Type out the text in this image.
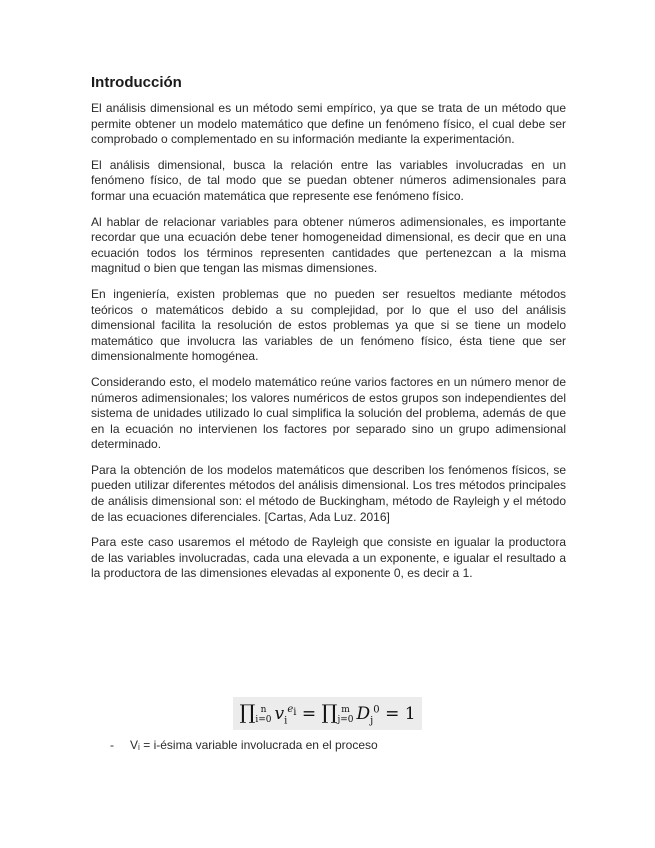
Introducción

El análisis dimensional es un método semi empírico, ya que se trata de un método que permite obtener un modelo matemático que define un fenómeno físico, el cual debe ser comprobado o complementado en su información mediante la experimentación.

El análisis dimensional, busca la relación entre las variables involucradas en un fenómeno físico, de tal modo que se puedan obtener números adimensionales para formar una ecuación matemática que represente ese fenómeno físico.

Al hablar de relacionar variables para obtener números adimensionales, es importante recordar que una ecuación debe tener homogeneidad dimensional, es decir que en una ecuación todos los términos representen cantidades que pertenezcan a la misma magnitud o bien que tengan las mismas dimensiones.

En ingeniería, existen problemas que no pueden ser resueltos mediante métodos teóricos o matemáticos debido a su complejidad, por lo que el uso del análisis dimensional facilita la resolución de estos problemas ya que si se tiene un modelo matemático que involucra las variables de un fenómeno físico, ésta tiene que ser dimensionalmente homogénea.

Considerando esto, el modelo matemático reúne varios factores en un número menor de números adimensionales; los valores numéricos de estos grupos son independientes del sistema de unidades utilizado lo cual simplifica la solución del problema, además de que en la ecuación no intervienen los factores por separado sino un grupo adimensional determinado.

Para la obtención de los modelos matemáticos que describen los fenómenos físicos, se pueden utilizar diferentes métodos del análisis dimensional. Los tres métodos principales de análisis dimensional son: el método de Buckingham, método de Rayleigh y el método de las ecuaciones diferenciales. [Cartas, Ada Luz. 2016]

Para este caso usaremos el método de Rayleigh que consiste en igualar la productora de las variables involucradas, cada una elevada a un exponente, e igualar el resultado a la productora de las dimensiones elevadas al exponente 0, es decir a 1.

∏ n
i=0 $v_i^{e_i}$ = ∏ m
j=0 $D_j^0 = 1$
-	Vᵢ = i-ésima variable involucrada en el proceso
